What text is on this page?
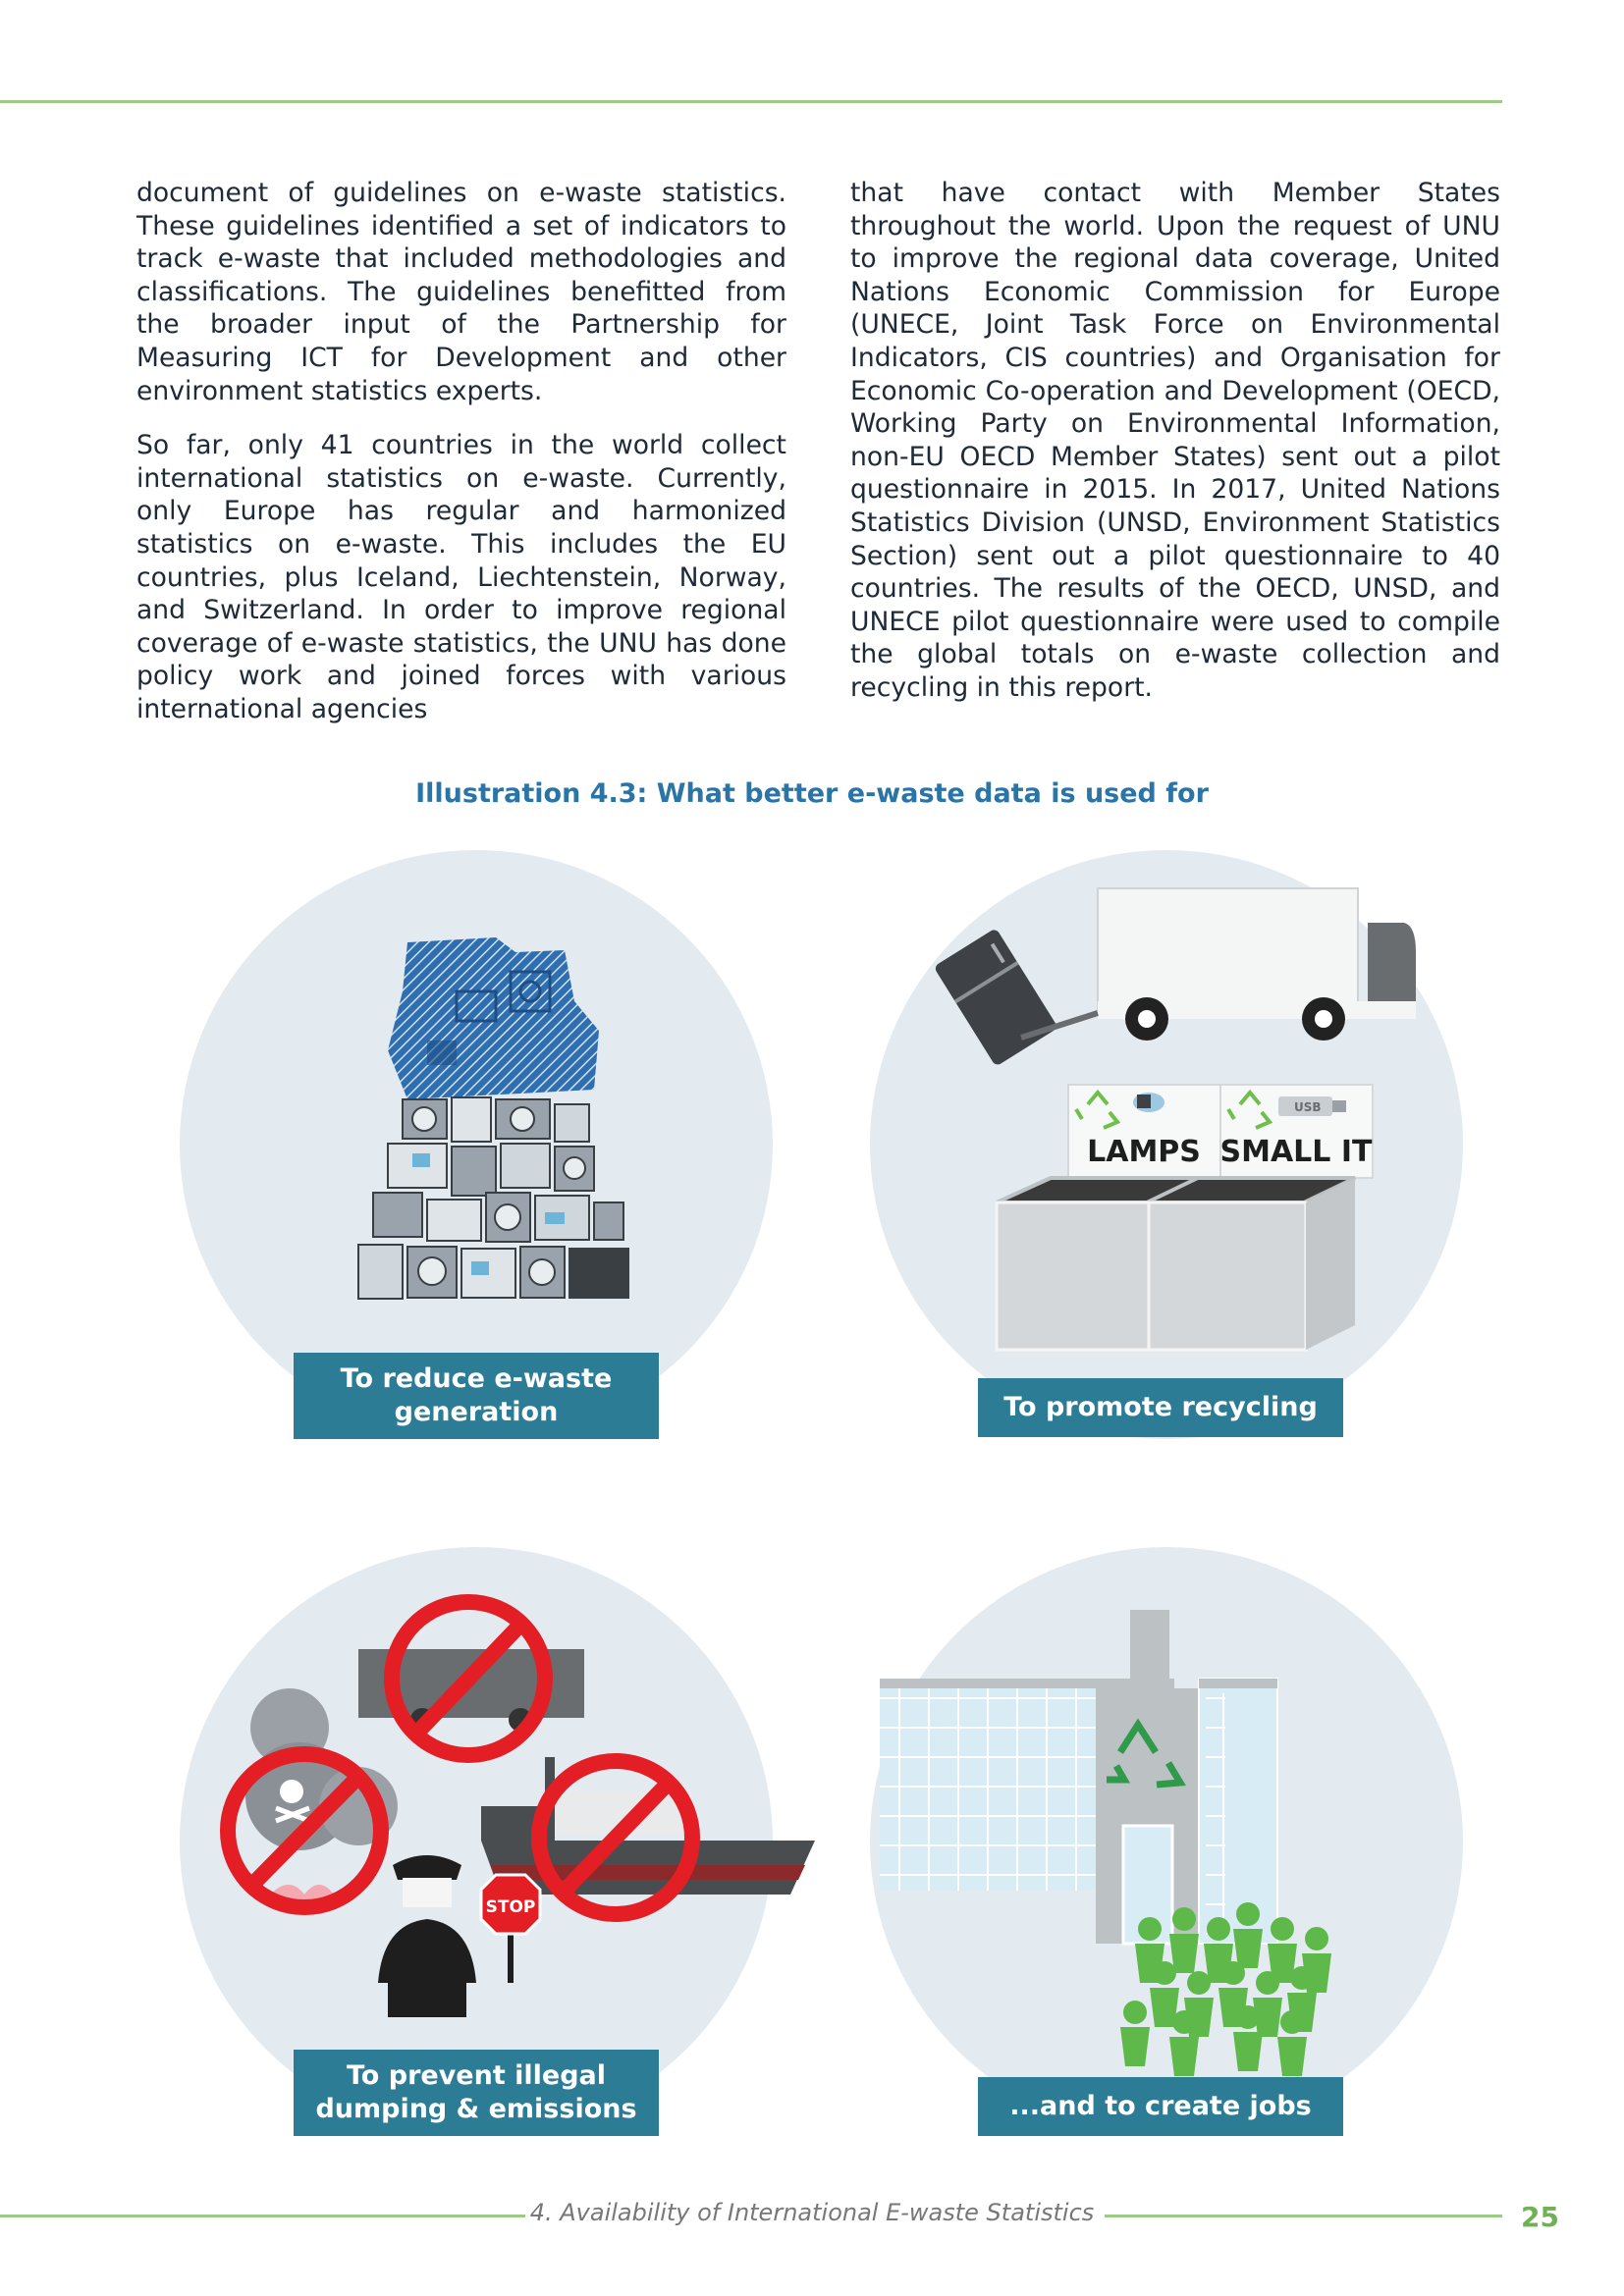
document of guidelines on e-waste statistics. These guidelines identified a set of indicators to track e-waste that included methodologies and classifications. The guidelines benefitted from the broader input of the Partnership for Measuring ICT for Development and other environment statistics experts.

So far, only 41 countries in the world collect international statistics on e-waste. Currently, only Europe has regular and harmonized statistics on e-waste. This includes the EU countries, plus Iceland, Liechtenstein, Norway, and Switzerland. In order to improve regional coverage of e-waste statistics, the UNU has done policy work and joined forces with various international agencies

that have contact with Member States throughout the world. Upon the request of UNU to improve the regional data coverage, United Nations Economic Commission for Europe (UNECE, Joint Task Force on Environmental Indicators, CIS countries) and Organisation for Economic Co-operation and Development (OECD, Working Party on Environmental Information, non-EU OECD Member States) sent out a pilot questionnaire in 2015. In 2017, United Nations Statistics Division (UNSD, Environment Statistics Section) sent out a pilot questionnaire to 40 countries. The results of the OECD, UNSD, and UNECE pilot questionnaire were used to compile the global totals on e-waste collection and recycling in this report.

Illustration 4.3: What better e-waste data is used for
To reduce e-waste
generation
USB
LAMPS SMALL IT
To promote recycling
STOP
To prevent illegal
dumping & emissions	...and to create jobs
4. Availability of International E-waste Statistics	25
